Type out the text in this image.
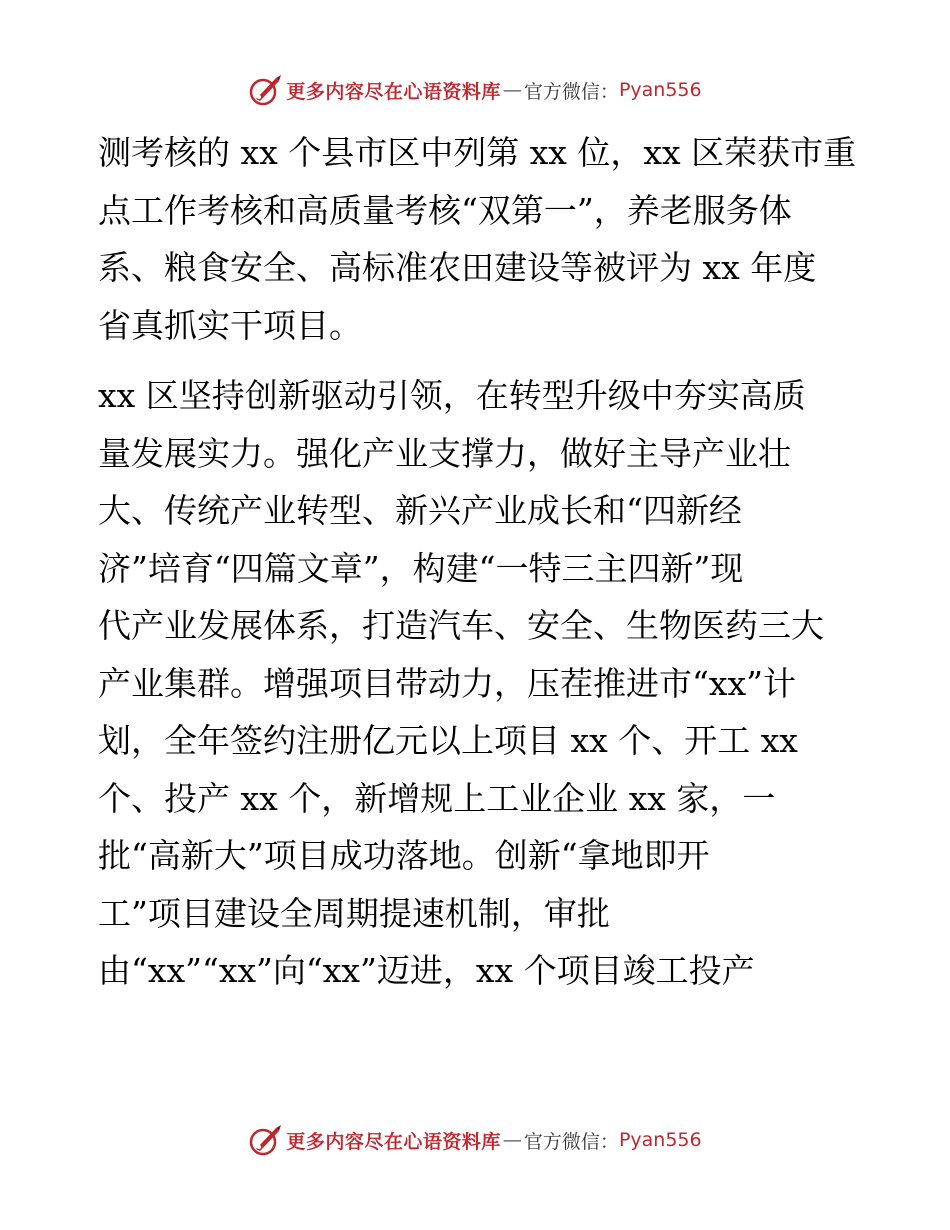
更多内容尽在心语资料库 — 官方微信： Pyan556
测考核的 xx 个县市区中列第 xx 位，xx 区荣获市重
点工作考核和高质量考核“双第一”，养老服务体
系、粮食安全、高标准农田建设等被评为 xx 年度
省真抓实干项目。
xx 区坚持创新驱动引领，在转型升级中夯实高质
量发展实力。强化产业支撑力，做好主导产业壮
大、传统产业转型、新兴产业成长和“四新经
济”培育“四篇文章”，构建“一特三主四新”现
代产业发展体系，打造汽车、安全、生物医药三大
产业集群。增强项目带动力，压茬推进市“xx”计
划，全年签约注册亿元以上项目 xx 个、开工 xx
个、投产 xx 个，新增规上工业企业 xx 家，一
批“高新大”项目成功落地。创新“拿地即开
工”项目建设全周期提速机制，审批
由“xx”“xx”向“xx”迈进，xx 个项目竣工投产
更多内容尽在心语资料库 — 官方微信： Pyan556
